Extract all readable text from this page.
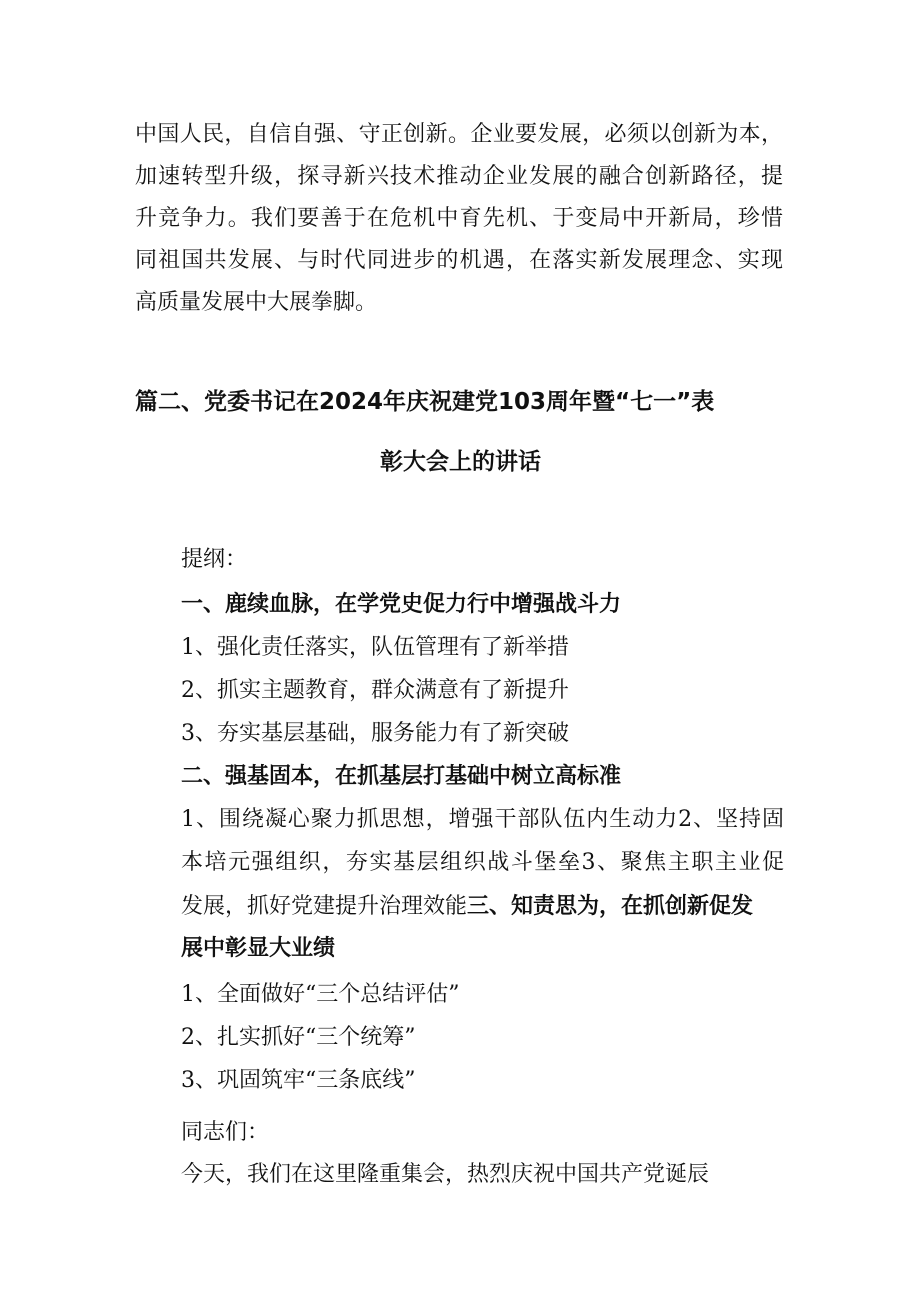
中国人民，自信自强、守正创新。企业要发展，必须以创新为本，
加速转型升级，探寻新兴技术推动企业发展的融合创新路径，提
升竞争力。我们要善于在危机中育先机、于变局中开新局，珍惜
同祖国共发展、与时代同进步的机遇，在落实新发展理念、实现
高质量发展中大展拳脚。
篇二、党委书记在2024年庆祝建党103周年暨“七一”表
彰大会上的讲话
提纲：
一、鹿续血脉，在学党史促力行中增强战斗力
1、强化责任落实，队伍管理有了新举措
2、抓实主题教育，群众满意有了新提升
3、夯实基层基础，服务能力有了新突破
二、强基固本，在抓基层打基础中树立高标准
1、围绕凝心聚力抓思想，增强干部队伍内生动力2、坚持固
本培元强组织，夯实基层组织战斗堡垒3、聚焦主职主业促
发展，抓好党建提升治理效能三、知责思为，在抓创新促发
展中彰显大业绩
1、全面做好“三个总结评估”
2、扎实抓好“三个统筹”
3、巩固筑牢“三条底线”
同志们：
今天，我们在这里隆重集会，热烈庆祝中国共产党诞辰
